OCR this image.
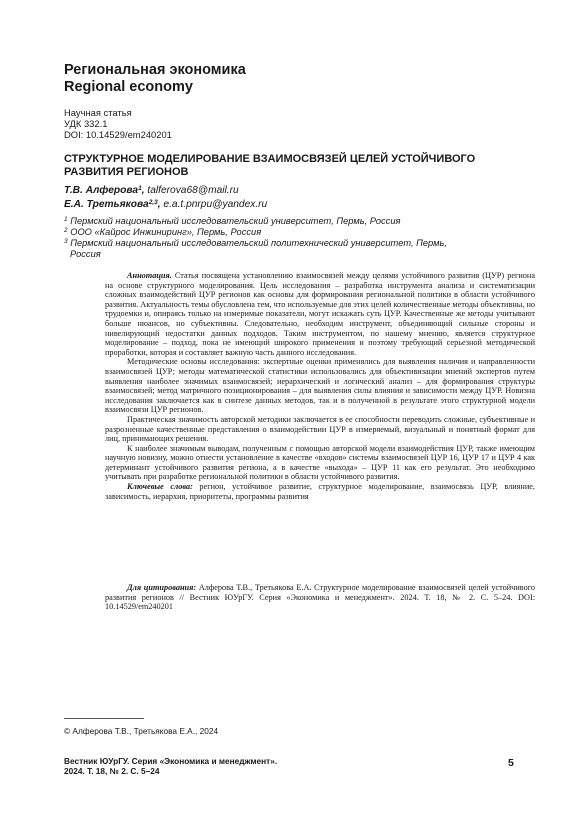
Региональная экономика
Regional economy
Научная статья
УДК 332.1
DOI: 10.14529/em240201
СТРУКТУРНОЕ МОДЕЛИРОВАНИЕ ВЗАИМОСВЯЗЕЙ ЦЕЛЕЙ УСТОЙЧИВОГО РАЗВИТИЯ РЕГИОНОВ
Т.В. Алферова$^1$, talferova68@mail.ru
Е.А. Третьякова$^{2,3}$, e.a.t.pnrpu@yandex.ru
$^1$ Пермский национальный исследовательский университет, Пермь, Россия
$^2$ ООО «Кайрос Инжиниринг», Пермь, Россия
$^3$ Пермский национальный исследовательский политехнический университет, Пермь,
Россия

Аннотация. Статья посвящена установлению взаимосвязей между целями устойчивого развития (ЦУР) региона на основе структурного моделирования. Цель исследования – разработка инструмента анализа и систематизации сложных взаимодействий ЦУР регионов как основы для формирования региональной политики в области устойчивого развития. Актуальность темы обусловлена тем, что используемые для этих целей количественные методы объективны, но трудоемки и, опираясь только на измеримые показатели, могут искажать суть ЦУР. Качественные же методы учитывают больше нюансов, но субъективны. Следовательно, необходим инструмент, объединяющий сильные стороны и нивелирующий недостатки данных подходов. Таким инструментом, по нашему мнению, является структурное моделирование – подход, пока не имеющий широкого применения и поэтому требующий серьезной методической проработки, которая и составляет важную часть данного исследования.

Методические основы исследования: экспертные оценки применялись для выявления наличия и направленности взаимосвязей ЦУР; методы математической статистики использовались для объективизации мнений экспертов путем выявления наиболее значимых взаимосвязей; иерархический и логический анализ – для формирования структуры взаимосвязей; метод матричного позиционирования – для выявления силы влияния и зависимости между ЦУР. Новизна исследования заключается как в синтезе данных методов, так и в полученной в результате этого структурной модели взаимосвязи ЦУР регионов.

Практическая значимость авторской методики заключается в ее способности переводить сложные, субъективные и разрозненные качественные представления о взаимодействии ЦУР в измеряемый, визуальный и понятный формат для лиц, принимающих решения.

К наиболее значимым выводам, полученным с помощью авторской модели взаимодействия ЦУР, также имеющим научную новизну, можно отнести установление в качестве «входов» системы взаимосвязей ЦУР 16, ЦУР 17 и ЦУР 4 как детерминант устойчивого развития региона, а в качестве «выхода» – ЦУР 11 как его результат. Это необходимо учитывать при разработке региональной политики в области устойчивого развития.

Ключевые слова: регион, устойчивое развитие, структурное моделирование, взаимосвязь ЦУР, влияние, зависимость, иерархия, приоритеты, программы развития

Для цитирования: Алферова Т.В., Третьякова Е.А. Структурное моделирование взаимосвязей целей устойчивого развития регионов // Вестник ЮУрГУ. Серия «Экономика и менеджмент». 2024. Т. 18, № 2. С. 5–24. DOI: 10.14529/em240201

© Алферова Т.В., Третьякова Е.А., 2024
Вестник ЮУрГУ. Серия «Экономика и менеджмент».
2024. Т. 18, № 2. С. 5–24
5
